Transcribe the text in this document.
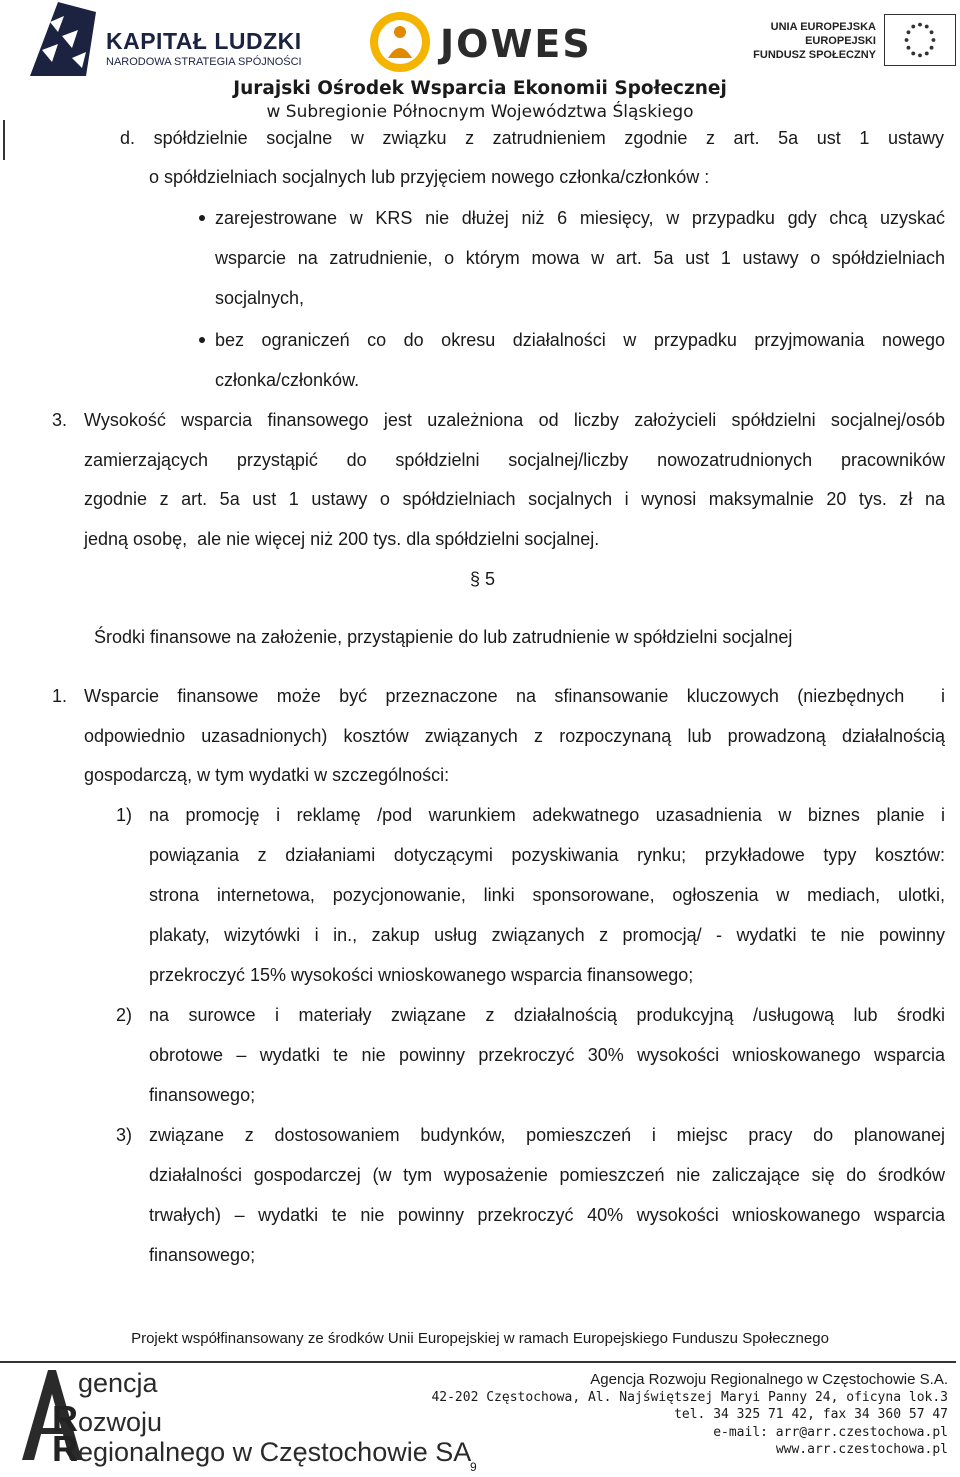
KAPITAŁ LUDZKI
NARODOWA STRATEGIA SPÓJNOŚCI	JOWES	UNIA EUROPEJSKA
EUROPEJSKI
FUNDUSZ SPOŁECZNY
Jurajski Ośrodek Wsparcia Ekonomii Społecznej
w Subregionie Północnym Województwa Śląskiego
d. spółdzielnie socjalne w związku z zatrudnieniem zgodnie z art. 5a ust 1 ustawy
o spółdzielniach socjalnych lub przyjęciem nowego członka/członków :
zarejestrowane w KRS nie dłużej niż 6 miesięcy, w przypadku gdy chcą uzyskać
wsparcie na zatrudnienie, o którym mowa w art. 5a ust 1 ustawy o spółdzielniach
socjalnych,
bez ograniczeń co do okresu działalności w przypadku przyjmowania nowego
członka/członków.
3. Wysokość wsparcia finansowego jest uzależniona od liczby założycieli spółdzielni socjalnej/osób
zamierzających przystąpić do spółdzielni socjalnej/liczby nowozatrudnionych pracowników
zgodnie z art. 5a ust 1 ustawy o spółdzielniach socjalnych i wynosi maksymalnie 20 tys. zł na
jedną osobę,  ale nie więcej niż 200 tys. dla spółdzielni socjalnej.
§ 5
Środki finansowe na założenie, przystąpienie do lub zatrudnienie w spółdzielni socjalnej
1. Wsparcie finansowe może być przeznaczone na sfinansowanie kluczowych (niezbędnych  i
odpowiednio uzasadnionych) kosztów związanych z rozpoczynaną lub prowadzoną działalnością
gospodarczą, w tym wydatki w szczególności:
1) na promocję i reklamę /pod warunkiem adekwatnego uzasadnienia w biznes planie i
powiązania z działaniami dotyczącymi pozyskiwania rynku; przykładowe typy kosztów:
strona internetowa, pozycjonowanie, linki sponsorowane, ogłoszenia w mediach, ulotki,
plakaty, wizytówki i in., zakup usług związanych z promocją/ - wydatki te nie powinny
przekroczyć 15% wysokości wnioskowanego wsparcia finansowego;
2) na surowce i materiały związane z działalnością produkcyjną /usługową lub środki
obrotowe – wydatki te nie powinny przekroczyć 30% wysokości wnioskowanego wsparcia
finansowego;
3) związane z dostosowaniem budynków, pomieszczeń i miejsc pracy do planowanej
działalności gospodarczej (w tym wyposażenie pomieszczeń nie zaliczające się do środków
trwałych) – wydatki te nie powinny przekroczyć 40% wysokości wnioskowanego wsparcia
finansowego;
Projekt współfinansowany ze środków Unii Europejskiej w ramach Europejskiego Funduszu Społecznego
gencja
Rozwoju
Regionalnego w Częstochowie SA
Agencja Rozwoju Regionalnego w Częstochowie S.A.
42-202 Częstochowa, Al. Najświętszej Maryi Panny 24, oficyna lok.3
tel. 34 325 71 42, fax 34 360 57 47
e-mail: arr@arr.czestochowa.pl
www.arr.czestochowa.pl
9
